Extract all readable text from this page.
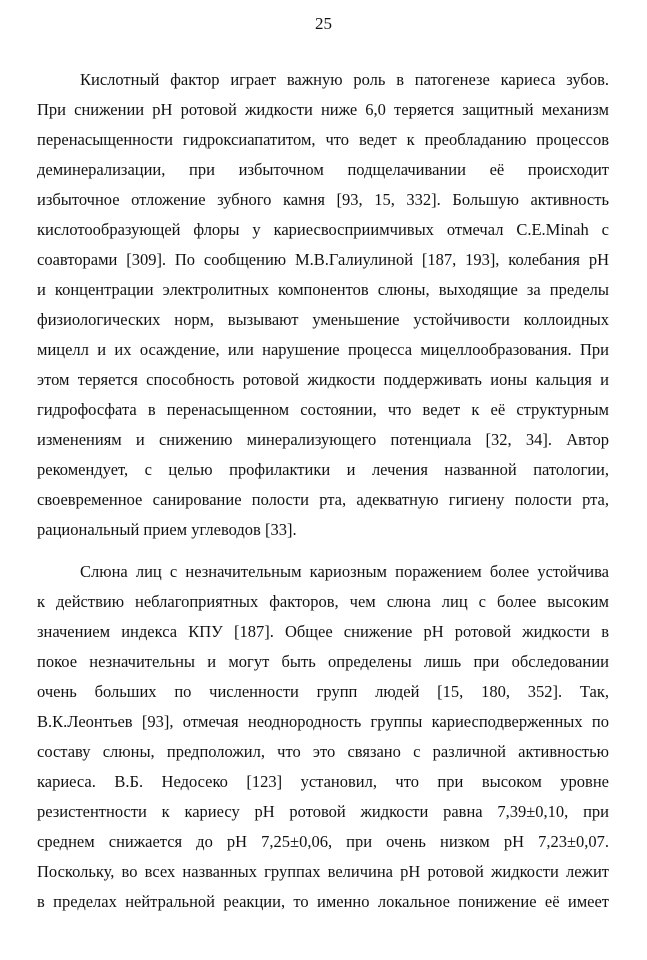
25
Кислотный фактор играет важную роль в патогенезе кариеса зубов.
При снижении pH ротовой жидкости ниже 6,0 теряется защитный механизм
перенасыщенности гидроксиапатитом, что ведет к преобладанию процессов
деминерализации, при избыточном подщелачивании её происходит
избыточное отложение зубного камня [93, 15, 332]. Большую активность
кислотообразующей флоры у кариесвосприимчивых отмечал C.E.Minah с
соавторами [309]. По сообщению М.В.Галиулиной [187, 193], колебания pH
и концентрации электролитных компонентов слюны, выходящие за пределы
физиологических норм, вызывают уменьшение устойчивости коллоидных
мицелл и их осаждение, или нарушение процесса мицеллообразования. При
этом теряется способность ротовой жидкости поддерживать ионы кальция и
гидрофосфата в перенасыщенном состоянии, что ведет к её структурным
изменениям и снижению минерализующего потенциала [32, 34]. Автор
рекомендует, с целью профилактики и лечения названной патологии,
своевременное санирование полости рта, адекватную гигиену полости рта,
рациональный прием углеводов [33].
Слюна лиц с незначительным кариозным поражением более устойчива
к действию неблагоприятных факторов, чем слюна лиц с более высоким
значением индекса КПУ [187]. Общее снижение pH ротовой жидкости в
покое незначительны и могут быть определены лишь при обследовании
очень больших по численности групп людей [15, 180, 352]. Так,
В.К.Леонтьев [93], отмечая неоднородность группы кариесподверженных по
составу слюны, предположил, что это связано с различной активностью
кариеса. В.Б. Недосеко [123] установил, что при высоком уровне
резистентности к кариесу pH ротовой жидкости равна 7,39±0,10, при
среднем снижается до pH 7,25±0,06, при очень низком pH 7,23±0,07.
Поскольку, во всех названных группах величина pH ротовой жидкости лежит
в пределах нейтральной реакции, то именно локальное понижение её имеет
